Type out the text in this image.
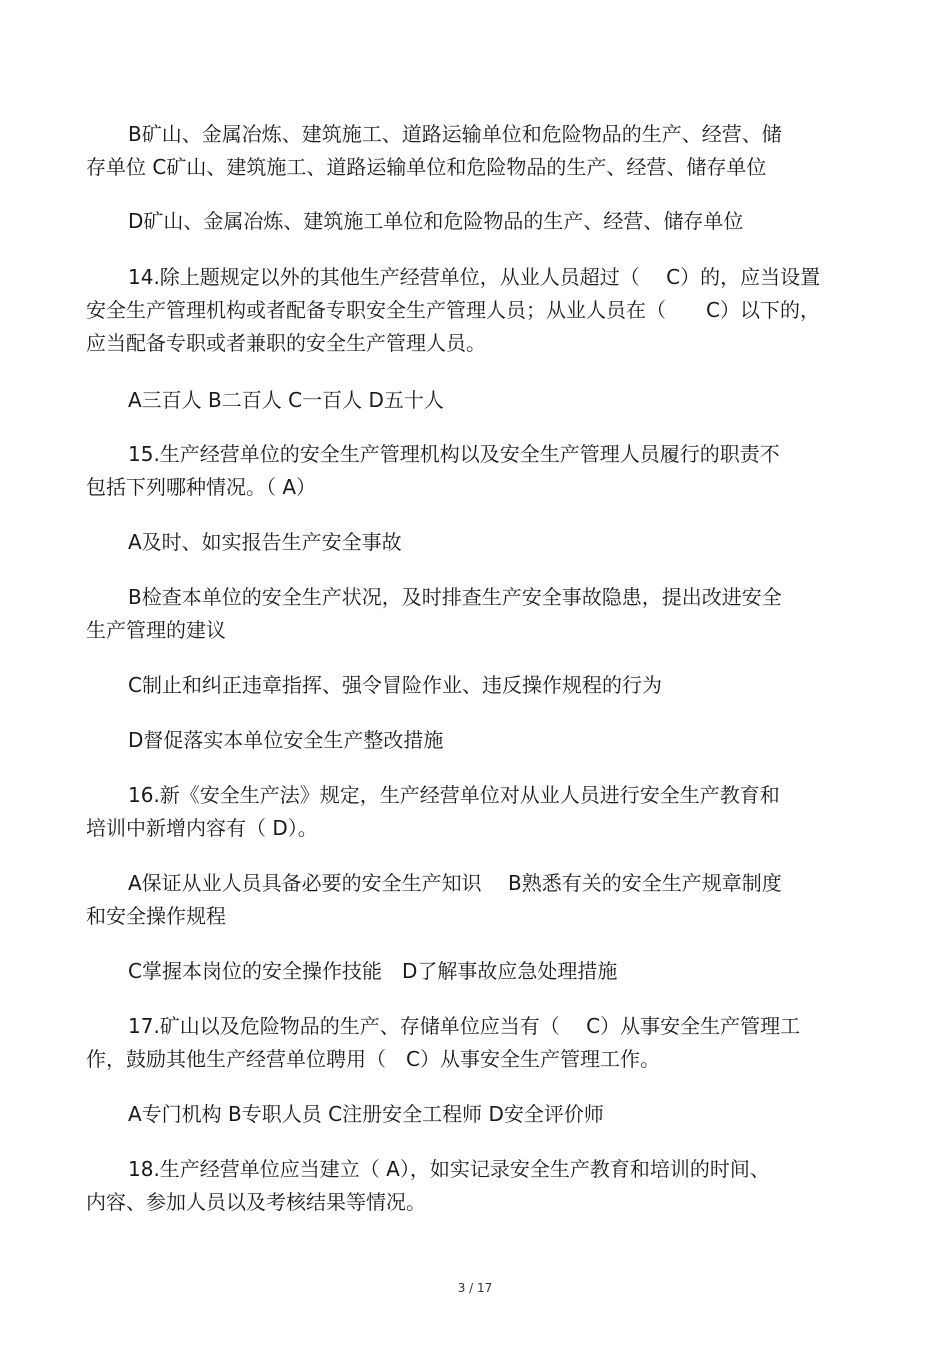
B矿山、金属冶炼、建筑施工、道路运输单位和危险物品的生产、经营、储
存单位 C矿山、建筑施工、道路运输单位和危险物品的生产、经营、储存单位
D矿山、金属冶炼、建筑施工单位和危险物品的生产、经营、储存单位
14.除上题规定以外的其他生产经营单位，从业人员超过（　 C）的，应当设置
安全生产管理机构或者配备专职安全生产管理人员；从业人员在（　　C）以下的，
应当配备专职或者兼职的安全生产管理人员。
A三百人 B二百人 C一百人 D五十人
15.生产经营单位的安全生产管理机构以及安全生产管理人员履行的职责不
包括下列哪种情况。（ A）
A及时、如实报告生产安全事故
B检查本单位的安全生产状况，及时排查生产安全事故隐患，提出改进安全
生产管理的建议
C制止和纠正违章指挥、强令冒险作业、违反操作规程的行为
D督促落实本单位安全生产整改措施
16.新《安全生产法》规定，生产经营单位对从业人员进行安全生产教育和
培训中新增内容有（ D）。
A保证从业人员具备必要的安全生产知识　 B熟悉有关的安全生产规章制度
和安全操作规程
C掌握本岗位的安全操作技能　D了解事故应急处理措施
17.矿山以及危险物品的生产、存储单位应当有（　 C）从事安全生产管理工
作，鼓励其他生产经营单位聘用（　C）从事安全生产管理工作。
A专门机构 B专职人员 C注册安全工程师 D安全评价师
18.生产经营单位应当建立（ A），如实记录安全生产教育和培训的时间、
内容、参加人员以及考核结果等情况。
3 / 17
